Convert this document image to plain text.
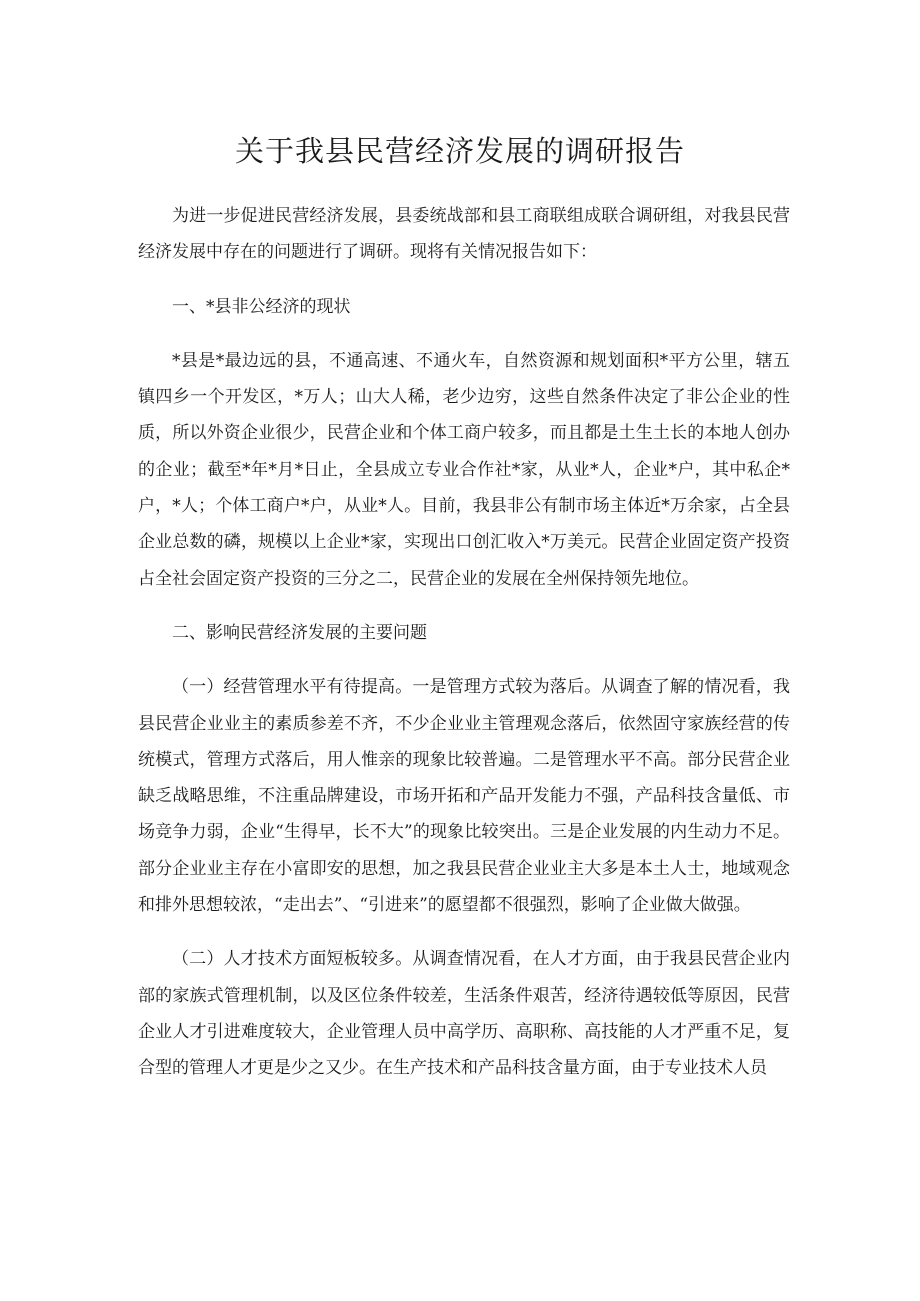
关于我县民营经济发展的调研报告

为进一步促进民营经济发展，县委统战部和县工商联组成联合调研组，对我县民营经济发展中存在的问题进行了调研。现将有关情况报告如下：

一、*县非公经济的现状

*县是*最边远的县，不通高速、不通火车，自然资源和规划面积*平方公里，辖五镇四乡一个开发区，*万人；山大人稀，老少边穷，这些自然条件决定了非公企业的性质，所以外资企业很少，民营企业和个体工商户较多，而且都是土生土长的本地人创办的企业；截至*年*月*日止，全县成立专业合作社*家，从业*人，企业*户，其中私企*户，*人；个体工商户*户，从业*人。目前，我县非公有制市场主体近*万余家，占全县企业总数的磷，规模以上企业*家，实现出口创汇收入*万美元。民营企业固定资产投资占全社会固定资产投资的三分之二，民营企业的发展在全州保持领先地位。

二、影响民营经济发展的主要问题

（一）经营管理水平有待提高。一是管理方式较为落后。从调查了解的情况看，我县民营企业业主的素质参差不齐，不少企业业主管理观念落后，依然固守家族经营的传统模式，管理方式落后，用人惟亲的现象比较普遍。二是管理水平不高。部分民营企业缺乏战略思维，不注重品牌建设，市场开拓和产品开发能力不强，产品科技含量低、市场竞争力弱，企业“生得早，长不大”的现象比较突出。三是企业发展的内生动力不足。部分企业业主存在小富即安的思想，加之我县民营企业业主大多是本土人士，地域观念和排外思想较浓，“走出去”、“引进来”的愿望都不很强烈，影响了企业做大做强。

（二）人才技术方面短板较多。从调查情况看，在人才方面，由于我县民营企业内部的家族式管理机制，以及区位条件较差，生活条件艰苦，经济待遇较低等原因，民营企业人才引进难度较大，企业管理人员中高学历、高职称、高技能的人才严重不足，复合型的管理人才更是少之又少。在生产技术和产品科技含量方面，由于专业技术人员
